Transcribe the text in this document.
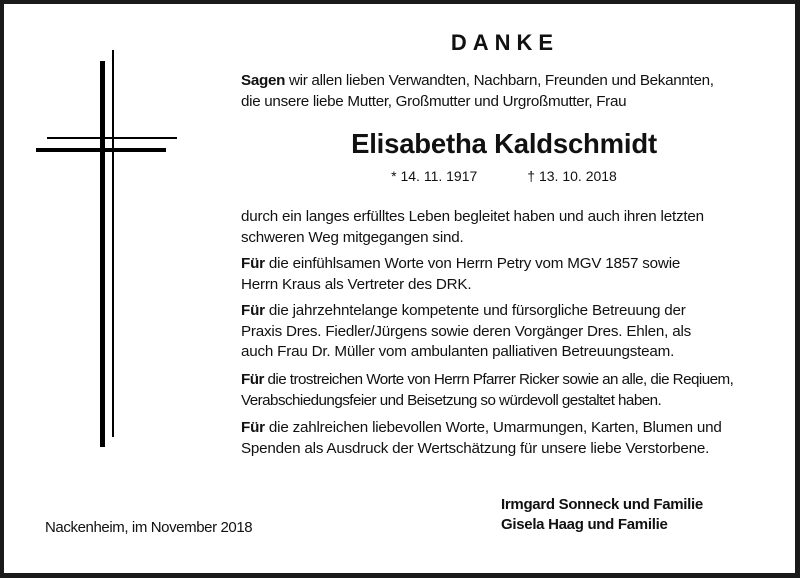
DANKE
Sagen wir allen lieben Verwandten, Nachbarn, Freunden und Bekannten,
die unsere liebe Mutter, Großmutter und Urgroßmutter, Frau
Elisabetha Kaldschmidt
* 14. 11. 1917	† 13. 10. 2018
durch ein langes erfülltes Leben begleitet haben und auch ihren letzten
schweren Weg mitgegangen sind.
Für die einfühlsamen Worte von Herrn Petry vom MGV 1857 sowie
Herrn Kraus als Vertreter des DRK.
Für die jahrzehntelange kompetente und fürsorgliche Betreuung der
Praxis Dres. Fiedler/Jürgens sowie deren Vorgänger Dres. Ehlen, als
auch Frau Dr. Müller vom ambulanten palliativen Betreuungsteam.
Für die trostreichen Worte von Herrn Pfarrer Ricker sowie an alle, die Reqiuem,
Verabschiedungsfeier und Beisetzung so würdevoll gestaltet haben.
Für die zahlreichen liebevollen Worte, Umarmungen, Karten, Blumen und
Spenden als Ausdruck der Wertschätzung für unsere liebe Verstorbene.
Nackenheim, im November 2018
Irmgard Sonneck und Familie
Gisela Haag und Familie
